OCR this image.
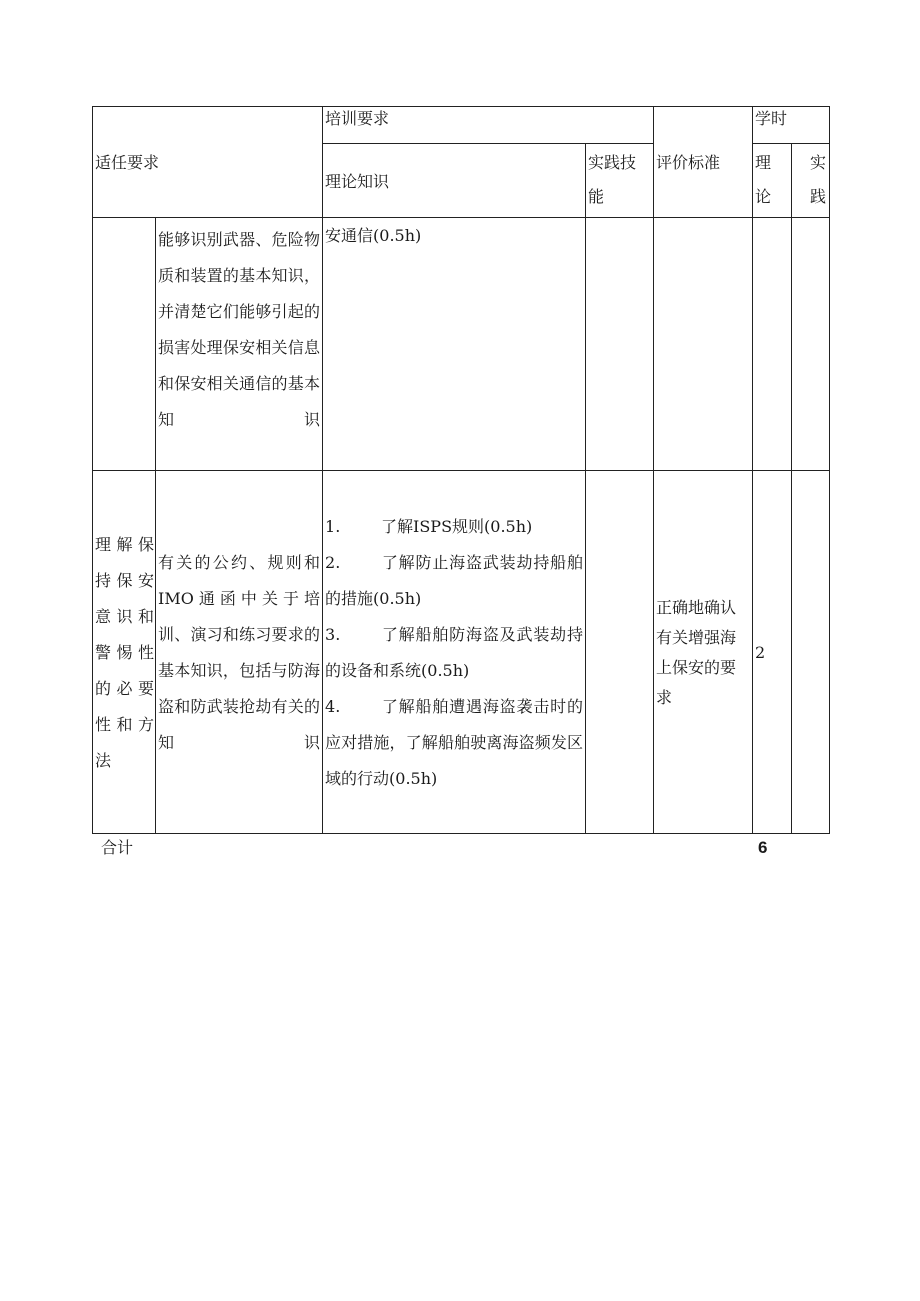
适任要求		培训要求		评价标准	学时	

		理论知识	实践技能		理论	实践

	能够识别武器、危险物质和装置的基本知识，并清楚它们能够引起的损害处理保安相关信息和保安相关通信的基本知识	安通信(0.5h)				

理解保持保安意识和警惕性的必要性和方法	有关的公约、规则和IMO通函中关于培训、演习和练习要求的基本知识，包括与防海盗和防武装抢劫有关的知识	1. 了解ISPS规则(0.5h)
2. 了解防止海盗武装劫持船舶的措施(0.5h)
3. 了解船舶防海盗及武装劫持的设备和系统(0.5h)
4. 了解船舶遭遇海盗袭击时的应对措施，了解船舶驶离海盗频发区域的行动(0.5h)		正确地确认有关增强海上保安的要求	2	

合计	6
